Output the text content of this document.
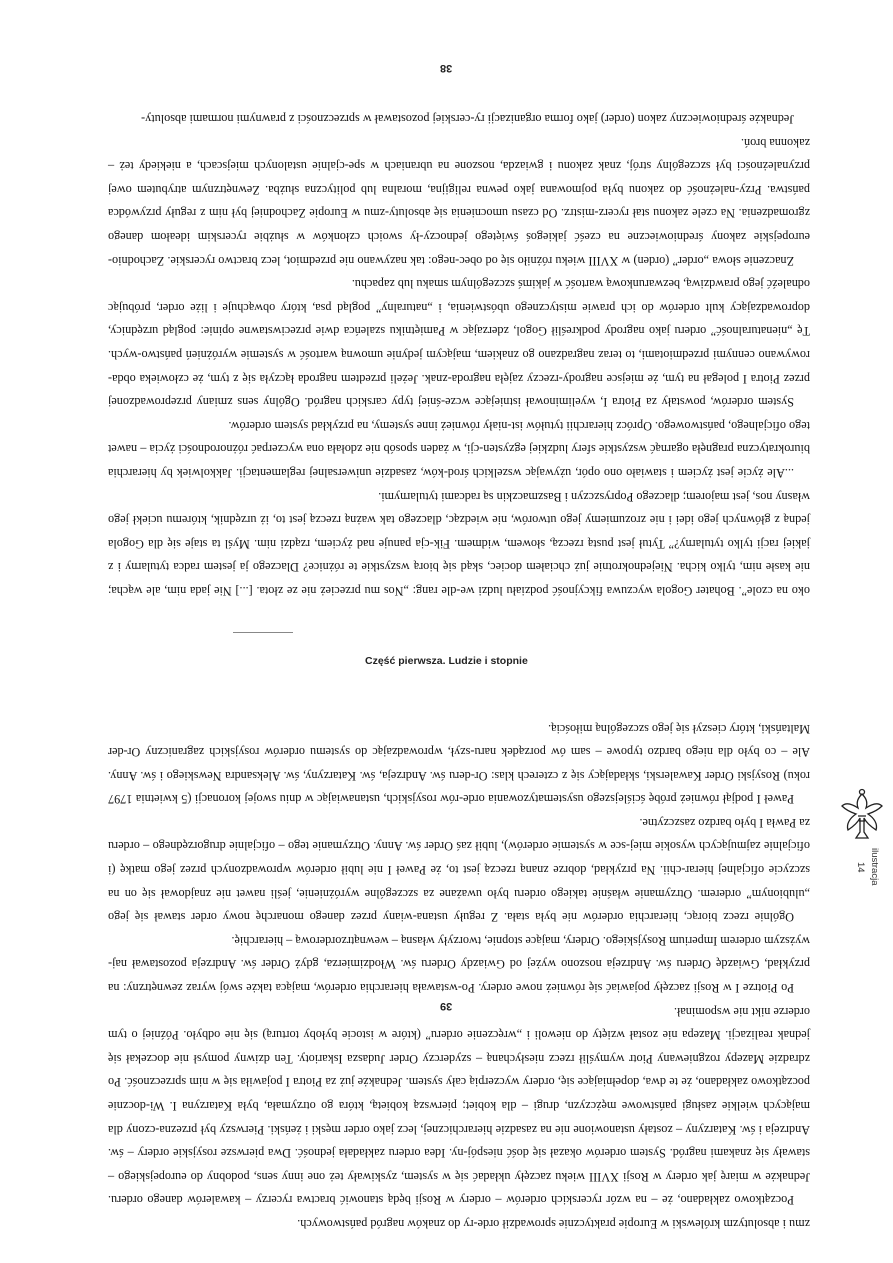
38

oko na czole”. Bohater Gogola wyczuwa fikcyjność podziału ludzi we-dle rang: „Nos mu przecież nie ze złota. [...] Nie jada nim, ale wącha; nie kasłe nim, tylko kicha. Niejednokrotnie już chciałem dociec, skąd się biorą wszystkie te różnice? Dlaczego ja jestem radca tytularny i z jakiej racji tylko tytularny?” Tytuł jest pustą rzeczą, słowem, widmem. Fik-cja panuje nad życiem, rządzi nim. Myśl ta staje się dla Gogola jedną z głównych jego idei i nie zrozumiemy jego utworów, nie wiedząc, dlaczego tak ważną rzeczą jest to, iż urzędnik, któremu uciekł jego własny nos, jest majorem; dlaczego Popryszczyn i Baszmaczkin są radcami tytularnymi.

...Ale życie jest życiem i stawiało ono opór, używając wszelkich środ-ków, zasadzie uniwersalnej reglamentacji. Jakkolwiek by hierarchia biurokratyczna pragnęła ogarnąć wszystkie sfery ludzkiej egzysten-cji, w żaden sposób nie zdołała ona wyczerpać różnorodności życia – nawet tego oficjalnego, państwowego. Oprócz hierarchii tytułów ist-niały również inne systemy, na przykład system orderów.

System orderów, powstały za Piotra I, wyeliminował istniejące wcze-śniej typy carskich nagród. Ogólny sens zmiany przeprowadzonej przez Piotra I polegał na tym, że miejsce nagrody-rzeczy zajęła nagroda-znak. Jeżeli przedtem nagroda łączyła się z tym, że człowieka obda-rowywano cennymi przedmiotami, to teraz nagradzano go znakiem, mającym jedynie umowną wartość w systemie wyróżnień państwo-wych. Tę „nienaturalność” orderu jako nagrody podkreślił Gogol, zderzając w Pamiętniku szaleńca dwie przeciwstawne opinie: pogląd urzędnicy, doprowadzający kult orderów do ich prawie mistycznego ubóstwienia, i „naturalny” pogląd psa, który obwąchuje i liże order, próbując odnaleźć jego prawdziwą, bezwarunkową wartość w jakimś szczególnym smaku lub zapachu.

Znaczenie słowa „order” (orden) w XVIII wieku różniło się od obec-nego: tak nazywano nie przedmiot, lecz bractwo rycerskie. Zachodnio-europejskie zakony średniowieczne na cześć jakiegoś świętego jednoczy-ły swoich członków w służbie rycerskim ideałom danego zgromadzenia. Na czele zakonu stał rycerz-mistrz. Od czasu umocnienia się absoluty-zmu w Europie Zachodniej był nim z reguły przywódca państwa. Przy-należność do zakonu była pojmowana jako pewna religijna, moralna lub polityczna służba. Zewnętrznym atrybutem owej przynależności był szczególny strój, znak zakonu i gwiazda, noszone na ubraniach w spe-cjalnie ustalonych miejscach, a niekiedy też – zakonna broń.

Jednakże średniowieczny zakon (order) jako forma organizacji ry-cerskiej pozostawał w sprzeczności z prawnymi normami absoluty-

Część pierwsza. Ludzie i stopnie

zmu i absolutyzm królewski w Europie praktycznie sprowadził orde-ry do znaków nagród państwowych.

Początkowo zakładano, że – na wzór rycerskich orderów – ordery w Rosji będą stanowić bractwa rycerzy – kawalerów danego orderu. Jednakże w miarę jak ordery w Rosji XVIII wieku zaczęły układać się w system, zyskiwały też one inny sens, podobny do europejskiego – stawały się znakami nagród. System orderów okazał się dość niespój-ny. Idea orderu zakładała jedność. Dwa pierwsze rosyjskie ordery – św. Andrzeja i św. Katarzyny – zostały ustanowione nie na zasadzie hierarchicznej, lecz jako order męski i żeński. Pierwszy był przezna-czony dla mających wielkie zasługi państwowe mężczyzn, drugi – dla kobiet; pierwszą kobietą, która go otrzymała, była Katarzyna I. Wi-docznie początkowo zakładano, że te dwa, dopełniające się, ordery wyczerpią cały system. Jednakże już za Piotra I pojawiła się w nim sprzeczność. Po zdradzie Mazepy rozgniewany Piotr wymyślił rzecz niesłychaną – szyderczy Order Judasza Iskarioty. Ten dziwny pomysł nie doczekał się jednak realizacji. Mazepa nie został wzięty do niewoli i „wręczenie orderu” (które w istocie byłoby torturą) się nie odbyło. Później o tym orderze nikt nie wspominał.

Po Piotrze I w Rosji zaczęły pojawiać się również nowe ordery. Po-wstawała hierarchia orderów, mająca także swój wyraz zewnętrzny: na przykład, Gwiazdę Orderu św. Andrzeja noszono wyżej od Gwiazdy Orderu św. Włodzimierza, gdyż Order św. Andrzeja pozostawał naj-wyższym orderem Imperium Rosyjskiego. Ordery, mające stopnie, tworzyły własną – wewnątrzorderową – hierarchię.

Ogólnie rzecz biorąc, hierarchia orderów nie była stała. Z reguły ustana-wiany przez danego monarchę nowy order stawał się jego „ulubionym” orderem. Otrzymanie właśnie takiego orderu było uważane za szczególne wyróżnienie, jeśli nawet nie znajdował się on na szczycie oficjalnej hierar-chii. Na przykład, dobrze znaną rzeczą jest to, że Paweł I nie lubił orderów wprowadzonych przez jego matkę (i oficjalnie zajmujących wysokie miej-sce w systemie orderów), lubił zaś Order św. Anny. Otrzymanie tego – oficjalnie drugorzędnego – orderu za Pawła I było bardzo zaszczytne.

Paweł I podjął również próbę ściślejszego usystematyzowania orde-rów rosyjskich, ustanawiając w dniu swojej koronacji (5 kwietnia 1797 roku) Rosyjski Order Kawalerski, składający się z czterech klas: Or-deru św. Andrzeja, św. Katarzyny, św. Aleksandra Newskiego i św. Anny. Ale – co było dla niego bardzo typowe – sam ów porządek naru-szył, wprowadzając do systemu orderów rosyjskich zagraniczny Or-der Maltański, który cieszył się jego szczególną miłością.

39
ilustracja
14
